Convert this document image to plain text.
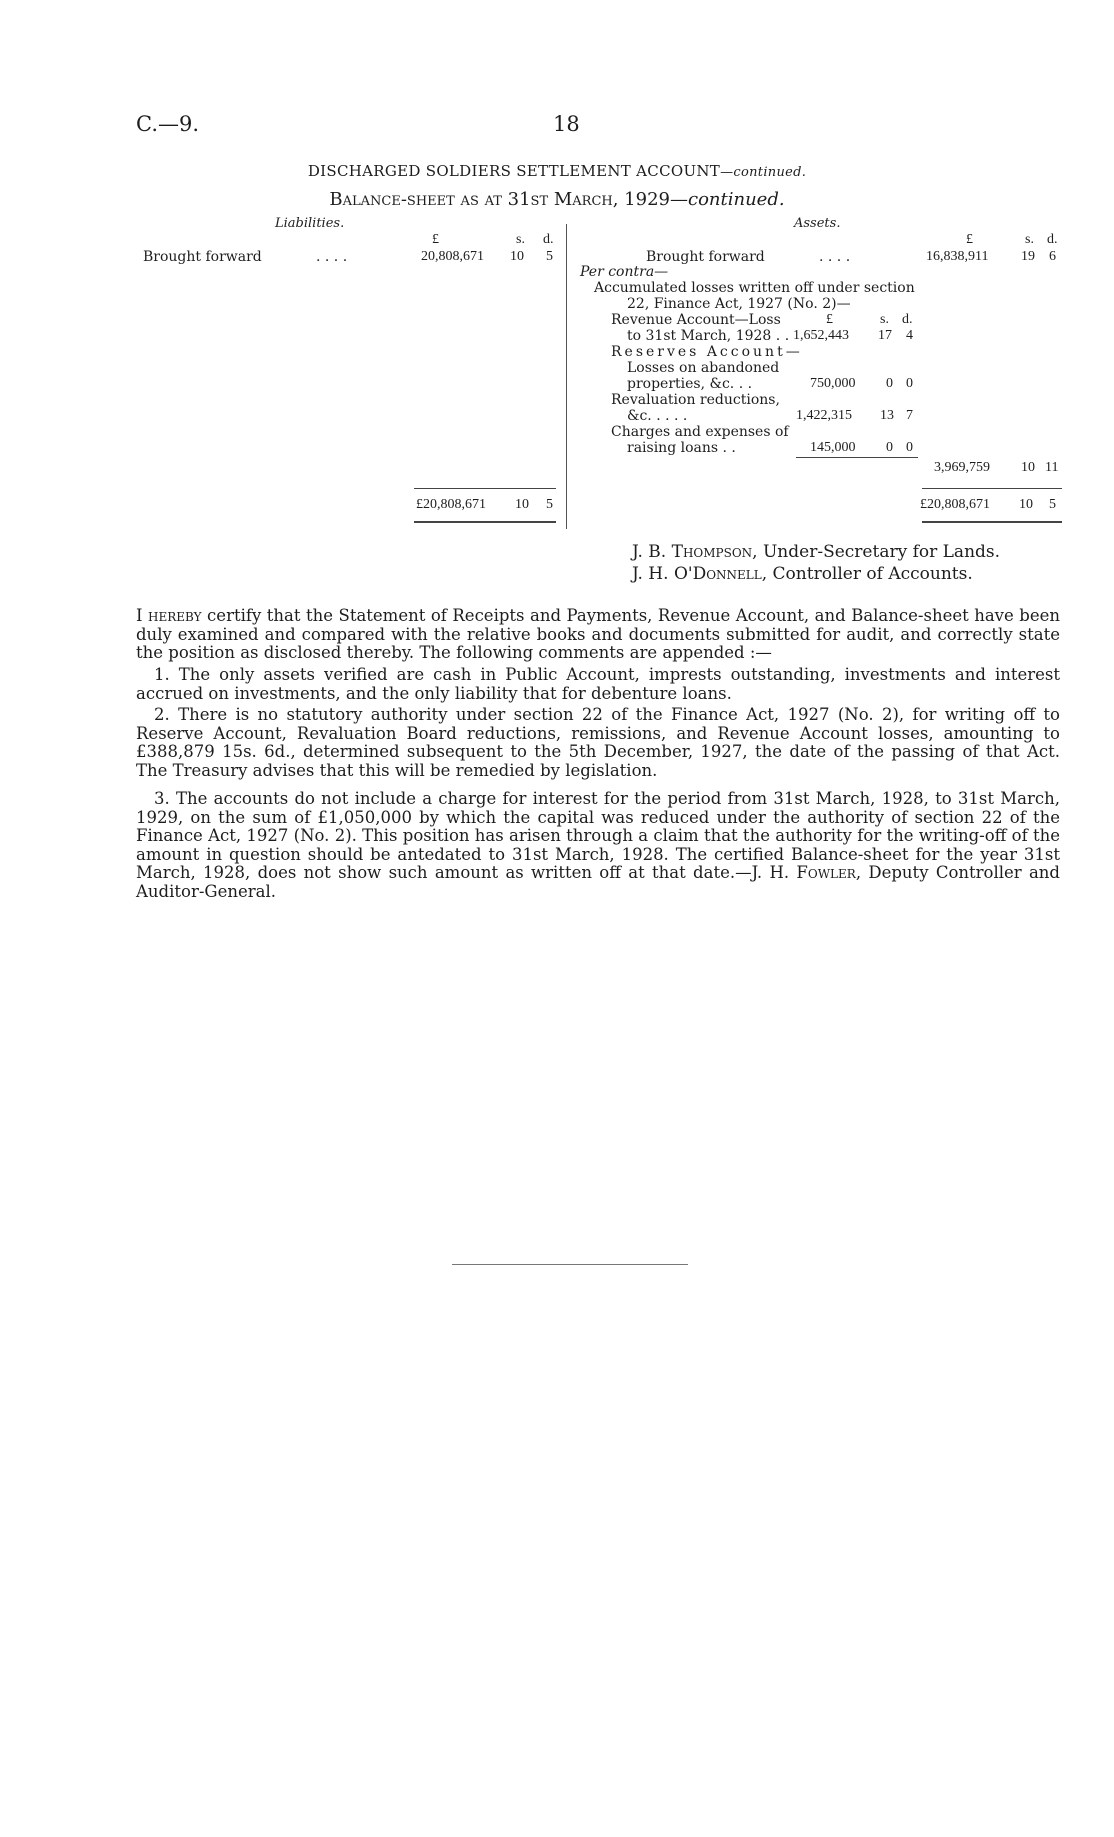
C.—9.	18
DISCHARGED SOLDIERS SETTLEMENT ACCOUNT—continued.
Balance-sheet as at 31st March, 1929—continued.
Liabilities.
£	s. d.
Brought forward	. . . .	20,808,671 10 5
£20,808,671 10 5
Assets.
£	s. d.
Brought forward	. . . .	16,838,911 19 6
Per contra—
Accumulated losses written off under section
22, Finance Act, 1927 (No. 2)—
Revenue Account—Loss	£	s. d.
to 31st March, 1928 . . 1,652,443 17 4
Reserves Account—
Losses on abandoned
properties, &c. . .	750,000 0 0
Revaluation reductions,
&c. . . . .	1,422,315 13 7
Charges and expenses of
raising loans . .	145,000 0 0
3,969,759 10 11
£20,808,671 10 5
J. B. Thompson, Under-Secretary for Lands.
J. H. O'Donnell, Controller of Accounts.
I hereby certify that the Statement of Receipts and Payments, Revenue Account, and Balance-sheet have been duly examined and compared with the relative books and documents submitted for audit, and correctly state the position as disclosed thereby. The following comments are appended :—
1. The only assets verified are cash in Public Account, imprests outstanding, investments and interest accrued on investments, and the only liability that for debenture loans.
2. There is no statutory authority under section 22 of the Finance Act, 1927 (No. 2), for writing off to Reserve Account, Revaluation Board reductions, remissions, and Revenue Account losses, amounting to £388,879 15s. 6d., determined subsequent to the 5th December, 1927, the date of the passing of that Act. The Treasury advises that this will be remedied by legislation.
3. The accounts do not include a charge for interest for the period from 31st March, 1928, to 31st March, 1929, on the sum of £1,050,000 by which the capital was reduced under the authority of section 22 of the Finance Act, 1927 (No. 2). This position has arisen through a claim that the authority for the writing-off of the amount in question should be antedated to 31st March, 1928. The certified Balance-sheet for the year 31st March, 1928, does not show such amount as written off at that date.—J. H. Fowler, Deputy Controller and Auditor-General.
